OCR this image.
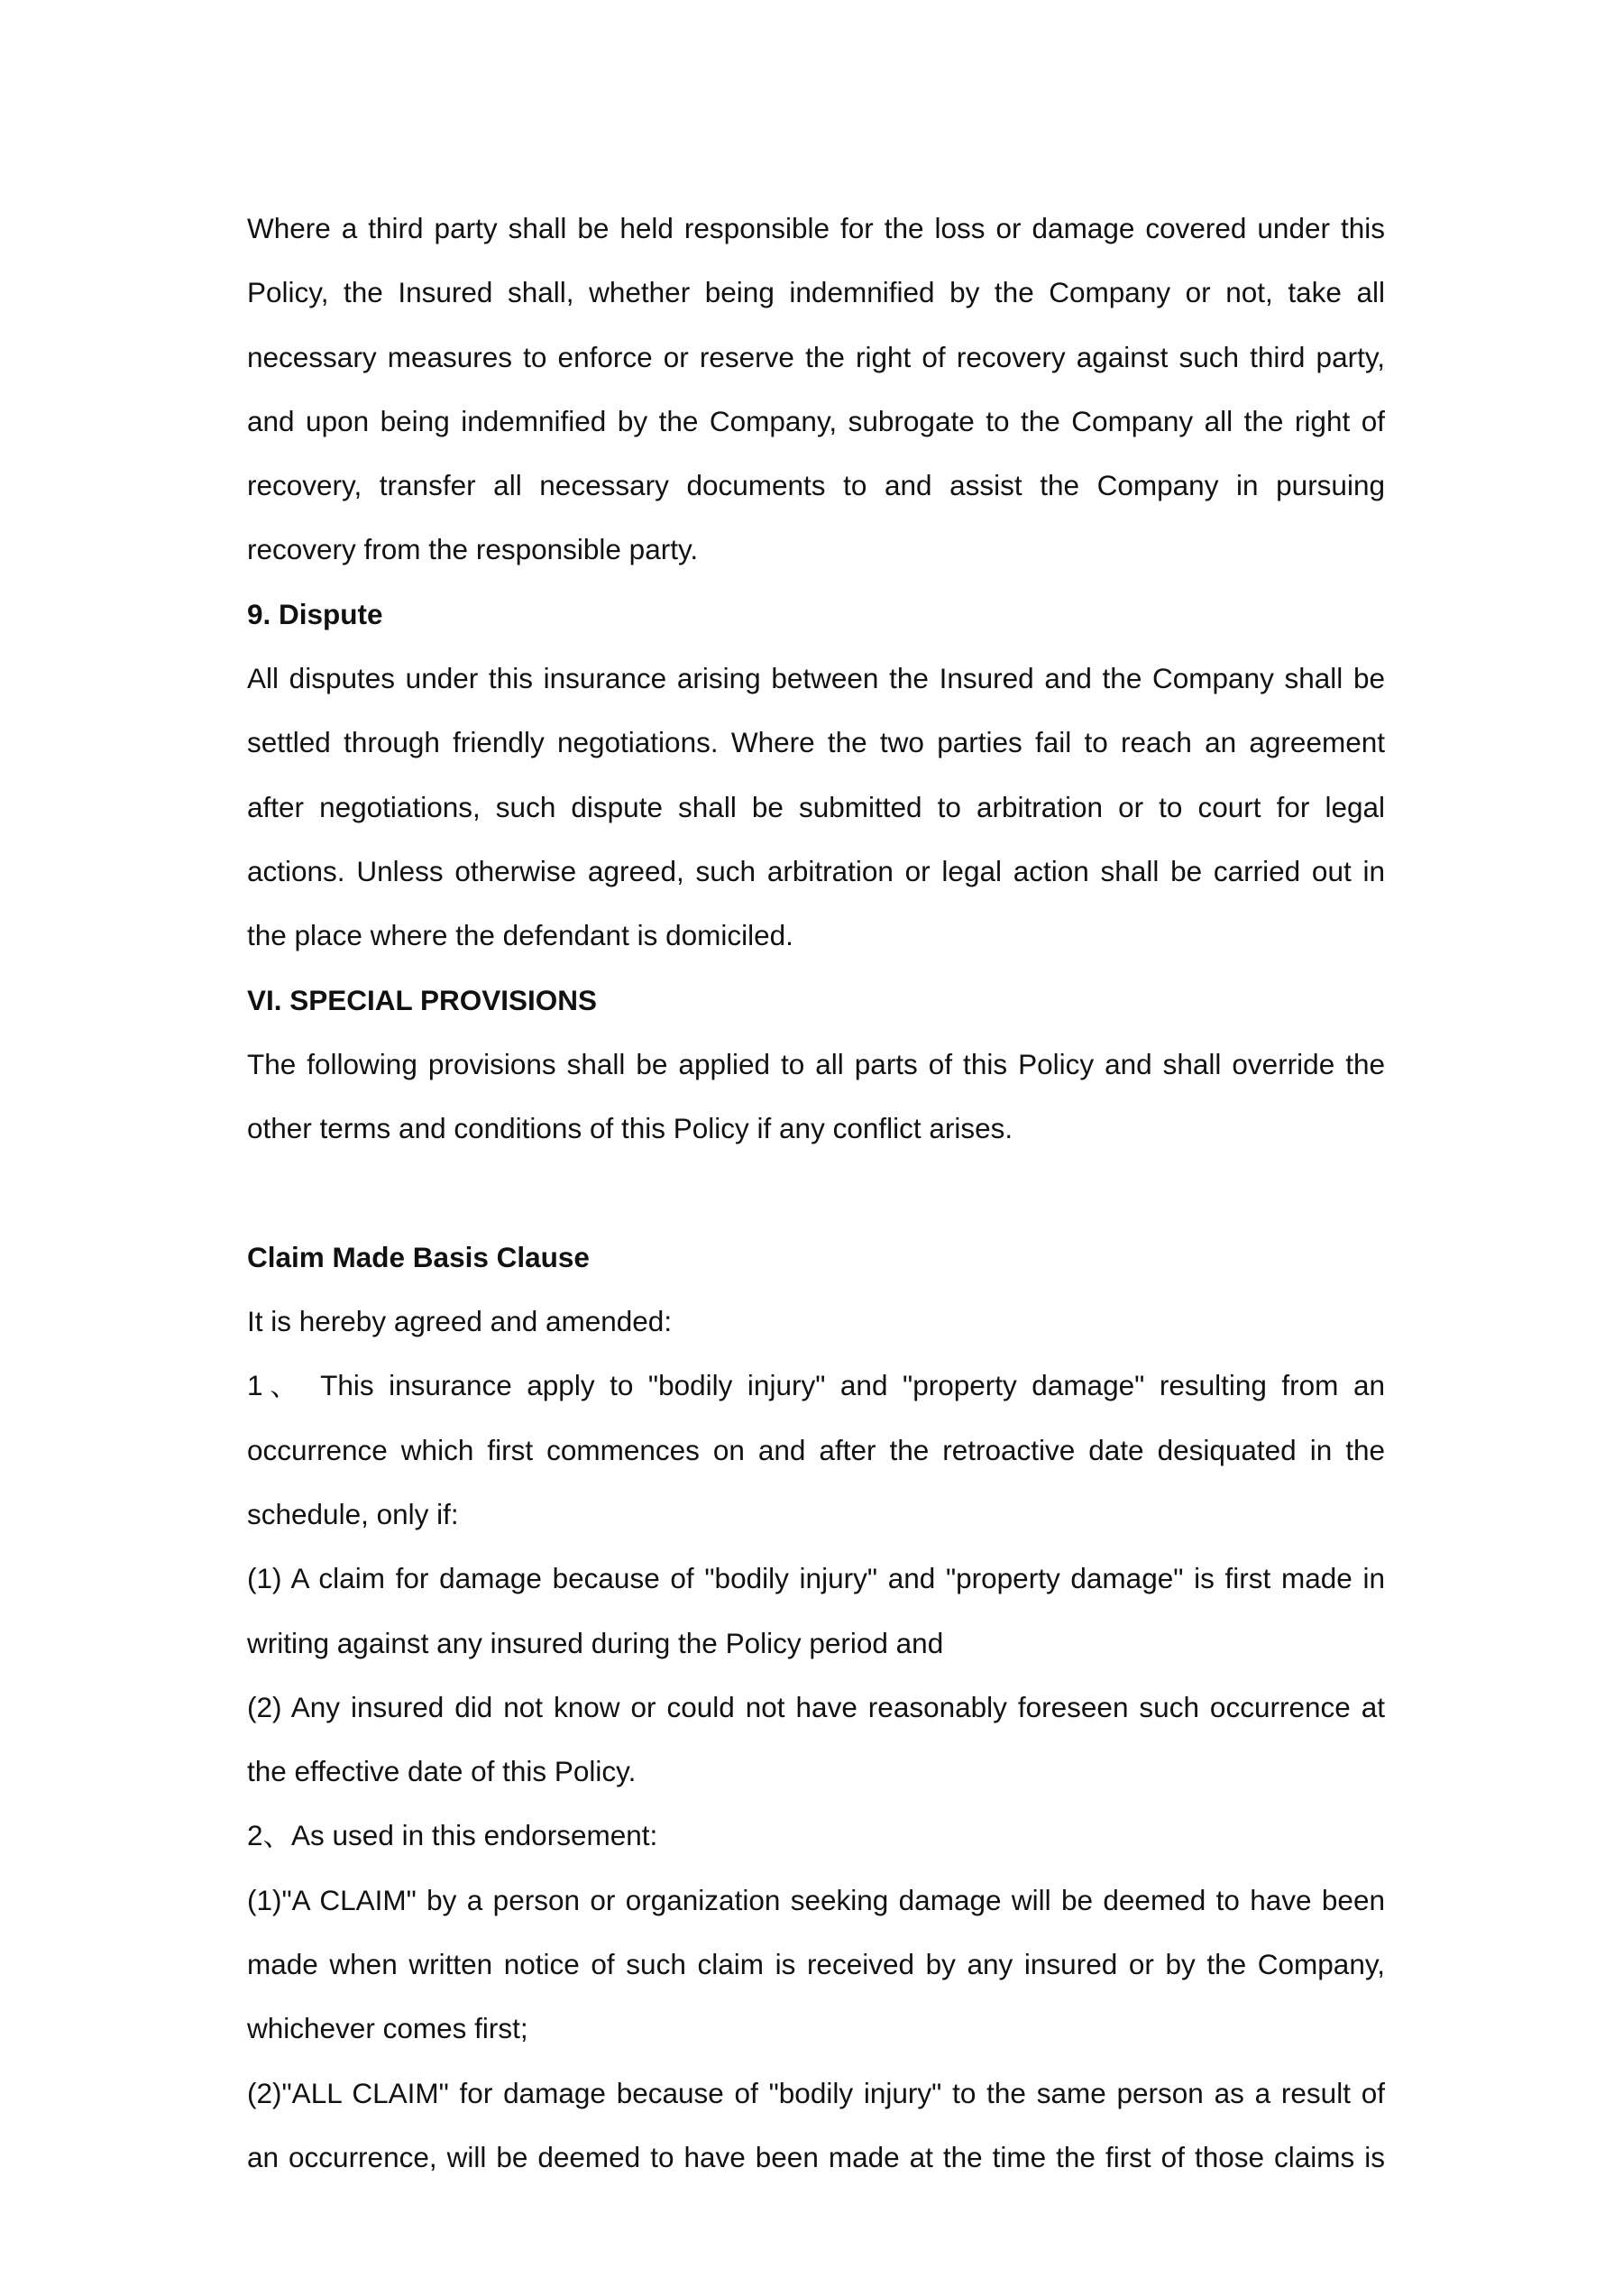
Where a third party shall be held responsible for the loss or damage covered under this
Policy, the Insured shall, whether being indemnified by the Company or not, take all
necessary measures to enforce or reserve the right of recovery against such third party,
and upon being indemnified by the Company, subrogate to the Company all the right of
recovery, transfer all necessary documents to and assist the Company in pursuing
recovery from the responsible party.
9. Dispute
All disputes under this insurance arising between the Insured and the Company shall be
settled through friendly negotiations. Where the two parties fail to reach an agreement
after negotiations, such dispute shall be submitted to arbitration or to court for legal
actions. Unless otherwise agreed, such arbitration or legal action shall be carried out in
the place where the defendant is domiciled.
VI. SPECIAL PROVISIONS
The following provisions shall be applied to all parts of this Policy and shall override the
other terms and conditions of this Policy if any conflict arises.
Claim Made Basis Clause
It is hereby agreed and amended:
1、 This insurance apply to "bodily injury" and "property damage" resulting from an
occurrence which first commences on and after the retroactive date desiquated in the
schedule, only if:
(1) A claim for damage because of "bodily injury" and "property damage" is first made in
writing against any insured during the Policy period and
(2) Any insured did not know or could not have reasonably foreseen such occurrence at
the effective date of this Policy.
2、As used in this endorsement:
(1)"A CLAIM" by a person or organization seeking damage will be deemed to have been
made when written notice of such claim is received by any insured or by the Company,
whichever comes first;
(2)"ALL CLAIM" for damage because of "bodily injury" to the same person as a result of
an occurrence, will be deemed to have been made at the time the first of those claims is
